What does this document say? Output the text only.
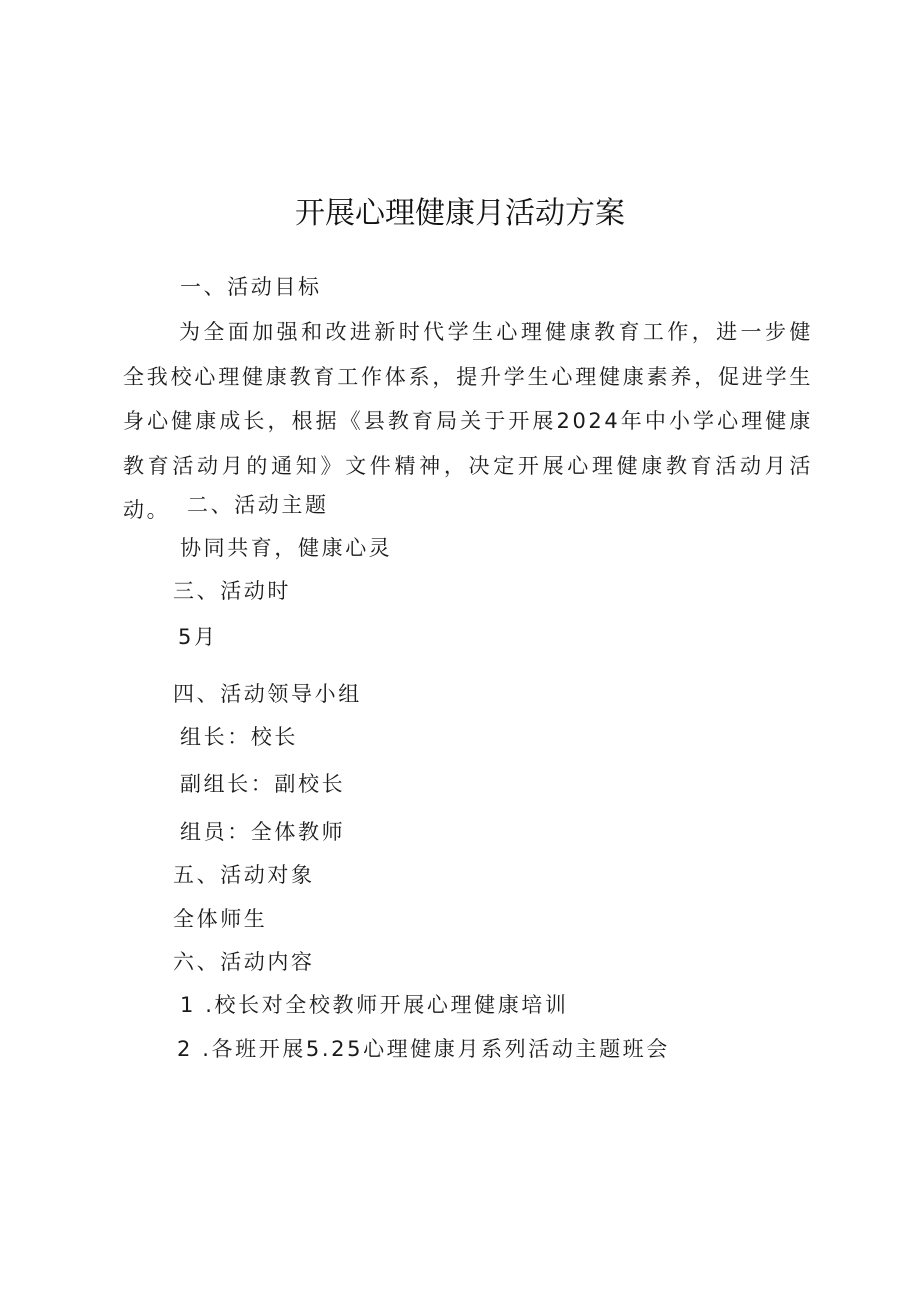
开展心理健康月活动方案
一、活动目标
为全面加强和改进新时代学生心理健康教育工作，进一步健全我校心理健康教育工作体系，提升学生心理健康素养，促进学生身心健康成长，根据《县教育局关于开展2024年中小学心理健康教育活动月的通知》文件精神，决定开展心理健康教育活动月活动。 二、活动主题
协同共育，健康心灵
三、活动时
5月
四、活动领导小组
组长：校长
副组长：副校长
组员：全体教师
五、活动对象
全体师生
六、活动内容
1 .校长对全校教师开展心理健康培训
2 .各班开展5.25心理健康月系列活动主题班会
